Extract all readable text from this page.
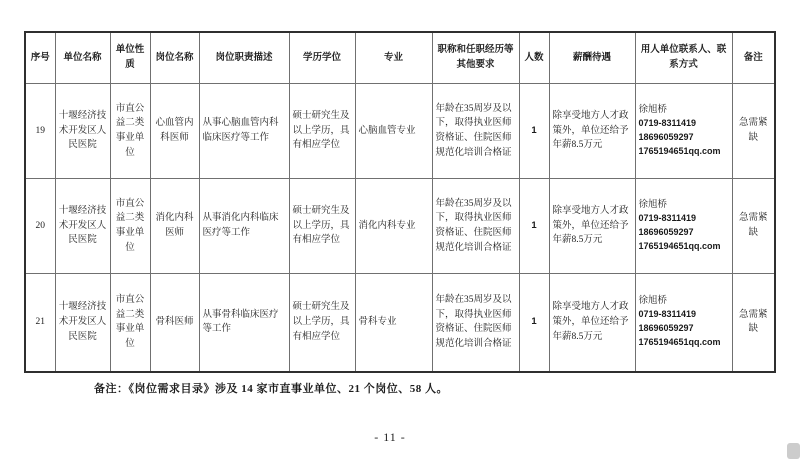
序号	单位名称	单位性质	岗位名称	岗位职责描述	学历学位	专业	职称和任职经历等其他要求	人数	薪酬待遇	用人单位联系人、联系方式	备注
19	十堰经济技术开发区人民医院	市直公益二类事业单位	心血管内科医师	从事心脑血管内科临床医疗等工作	硕士研究生及以上学历，具有相应学位	心脑血管专业	年龄在35周岁及以下，取得执业医师资格证、住院医师规范化培训合格证	1	除享受地方人才政策外，单位还给予年薪8.5万元	徐旭桥
0719-8311419
18696059297
1765194651qq.com	急需紧缺
20	十堰经济技术开发区人民医院	市直公益二类事业单位	消化内科医师	从事消化内科临床医疗等工作	硕士研究生及以上学历，具有相应学位	消化内科专业	年龄在35周岁及以下，取得执业医师资格证、住院医师规范化培训合格证	1	除享受地方人才政策外，单位还给予年薪8.5万元	徐旭桥
0719-8311419
18696059297
1765194651qq.com	急需紧缺
21	十堰经济技术开发区人民医院	市直公益二类事业单位	骨科医师	从事骨科临床医疗等工作	硕士研究生及以上学历，具有相应学位	骨科专业	年龄在35周岁及以下，取得执业医师资格证、住院医师规范化培训合格证	1	除享受地方人才政策外，单位还给予年薪8.5万元	徐旭桥
0719-8311419
18696059297
1765194651qq.com	急需紧缺
备注：《岗位需求目录》涉及 14 家市直事业单位、21 个岗位、58 人。
- 11 -
